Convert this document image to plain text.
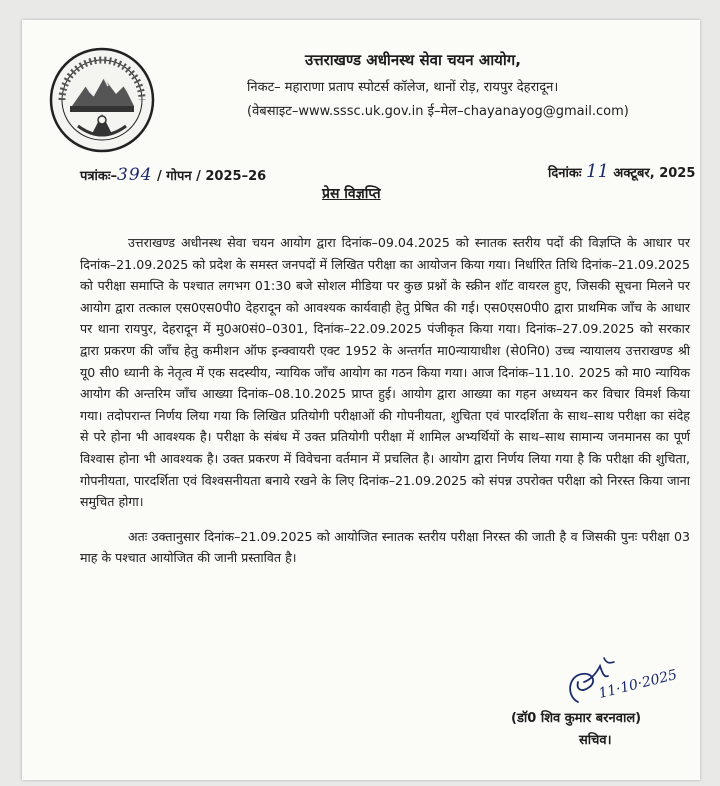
उत्तराखण्ड अधीनस्थ सेवा चयन आयोग,
निकट– महाराणा प्रताप स्पोटर्स कॉलेज, थानों रोड़, रायपुर देहरादून।
(वेबसाइट–www.sssc.uk.gov.in ई–मेल–chayanayog@gmail.com)
पत्रांकः–394 / गोपन / 2025–26	दिनांकः 11 अक्टूबर, 2025
प्रेस विज्ञप्ति

उत्तराखण्ड अधीनस्थ सेवा चयन आयोग द्वारा दिनांक–09.04.2025 को स्नातक स्तरीय पदों की विज्ञप्ति के आधार पर दिनांक–21.09.2025 को प्रदेश के समस्त जनपदों में लिखित परीक्षा का आयोजन किया गया। निर्धारित तिथि दिनांक–21.09.2025 को परीक्षा समाप्ति के पश्चात लगभग 01:30 बजे सोशल मीडिया पर कुछ प्रश्नों के स्क्रीन शॉट वायरल हुए, जिसकी सूचना मिलने पर आयोग द्वारा तत्काल एस0एस0पी0 देहरादून को आवश्यक कार्यवाही हेतु प्रेषित की गई। एस0एस0पी0 द्वारा प्राथमिक जाँच के आधार पर थाना रायपुर, देहरादून में मु0अ0सं0–0301, दिनांक–22.09.2025 पंजीकृत किया गया। दिनांक–27.09.2025 को सरकार द्वारा प्रकरण की जाँच हेतु कमीशन ऑफ इन्क्वायरी एक्ट 1952 के अन्तर्गत मा0न्यायाधीश (से0नि0) उच्च न्यायालय उत्तराखण्ड श्री यू0 सी0 ध्यानी के नेतृत्व में एक सदस्यीय, न्यायिक जाँच आयोग का गठन किया गया। आज दिनांक–11.10. 2025 को मा0 न्यायिक आयोग की अन्तरिम जाँच आख्या दिनांक–08.10.2025 प्राप्त हुई। आयोग द्वारा आख्या का गहन अध्ययन कर विचार विमर्श किया गया। तदोपरान्त निर्णय लिया गया कि लिखित प्रतियोगी परीक्षाओं की गोपनीयता, शुचिता एवं पारदर्शिता के साथ–साथ परीक्षा का संदेह से परे होना भी आवश्यक है। परीक्षा के संबंध में उक्त प्रतियोगी परीक्षा में शामिल अभ्यर्थियों के साथ–साथ सामान्य जनमानस का पूर्ण विश्वास होना भी आवश्यक है। उक्त प्रकरण में विवेचना वर्तमान में प्रचलित है। आयोग द्वारा निर्णय लिया गया है कि परीक्षा की शुचिता, गोपनीयता, पारदर्शिता एवं विश्वसनीयता बनाये रखने के लिए दिनांक–21.09.2025 को संपन्न उपरोक्त परीक्षा को निरस्त किया जाना समुचित होगा।

अतः उक्तानुसार दिनांक–21.09.2025 को आयोजित स्नातक स्तरीय परीक्षा निरस्त की जाती है व जिसकी पुनः परीक्षा 03 माह के पश्चात आयोजित की जानी प्रस्तावित है।

11·10·2025
(डॉ0 शिव कुमार बरनवाल)
सचिव।
